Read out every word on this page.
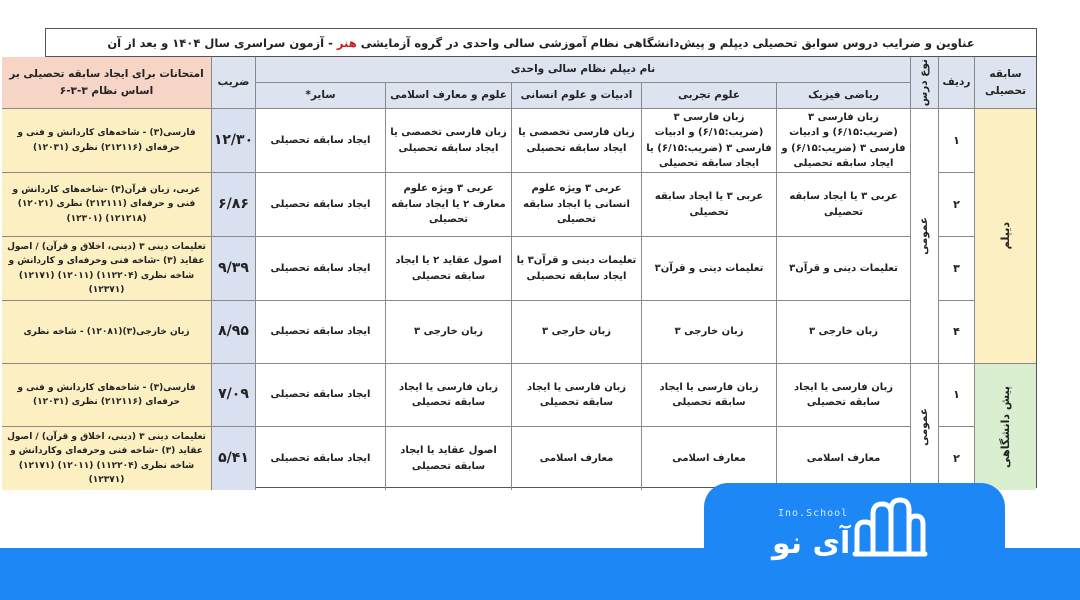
عناوین و ضرایب دروس سوابق تحصیلی دیپلم و پیش‌دانشگاهی نظام آموزشی سالی واحدی در گروه آزمایشی

هنر

- آزمون سراسری سال ۱۴۰۴ و بعد از آن
سابقه تحصیلی
ردیف
نوع درس
نام دیپلم نظام سالی واحدی
ریاضی فیزیک
علوم تجربی
ادبیات و علوم انسانی
علوم و معارف اسلامی
سایر*
ضریب
امتحانات برای ایجاد سابقه تحصیلی بر اساس نظام ۳-۳-۶
دیپلم
پیش دانشگاهی
عمومی
عمومی
۱
زبان فارسی ۳ (ضریب:۶/۱۵) و ادبیات فارسی ۳ (ضریب:۶/۱۵) و ایجاد سابقه تحصیلی
زبان فارسی ۳ (ضریب:۶/۱۵) و ادبیات فارسی ۳ (ضریب:۶/۱۵) یا ایجاد سابقه تحصیلی
زبان فارسی تخصصی یا ایجاد سابقه تحصیلی
زبان فارسی تخصصی یا ایجاد سابقه تحصیلی
ایجاد سابقه تحصیلی
۱۲/۳۰
فارسی(۳) - شاخه‌های کاردانش و فنی و حرفه‌ای (۲۱۲۱۱۶) نظری (۱۲۰۳۱)
۲
عربی ۳ یا ایجاد سابقه تحصیلی
عربی ۳ یا ایجاد سابقه تحصیلی
عربی ۳ ویژه علوم انسانی یا ایجاد سابقه تحصیلی
عربی ۳ ویژه علوم معارف ۲ یا ایجاد سابقه تحصیلی
ایجاد سابقه تحصیلی
۶/۸۶
عربی، زبان قرآن(۳) -شاخه‌های کاردانش و فنی و حرفه‌ای (۲۱۲۱۱۱) نظری (۱۲۰۲۱) (۱۲۱۲۱۸) (۱۲۳۰۱)
۳
تعلیمات دینی و قرآن۳
تعلیمات دینی و قرآن۳
تعلیمات دینی و قرآن۳ یا ایجاد سابقه تحصیلی
اصول عقاید ۲ یا ایجاد سابقه تحصیلی
ایجاد سابقه تحصیلی
۹/۳۹
تعلیمات دینی ۳ (دینی، اخلاق و قرآن) / اصول عقاید (۳) -شاخه فنی وحرفه‌ای و کاردانش و شاخه نظری (۱۱۲۲۰۴) (۱۲۰۱۱) (۱۲۱۷۱) (۱۲۳۷۱)
۴
زبان خارجی ۳
زبان خارجی ۳
زبان خارجی ۳
زبان خارجی ۳
ایجاد سابقه تحصیلی
۸/۹۵
زبان خارجی(۳)(۱۲۰۸۱) - شاخه نظری
۱
زبان فارسی یا ایجاد سابقه تحصیلی
زبان فارسی یا ایجاد سابقه تحصیلی
زبان فارسی یا ایجاد سابقه تحصیلی
زبان فارسی یا ایجاد سابقه تحصیلی
ایجاد سابقه تحصیلی
۷/۰۹
فارسی(۳) - شاخه‌های کاردانش و فنی و حرفه‌ای (۲۱۲۱۱۶) نظری (۱۲۰۳۱)
۲
معارف اسلامی
معارف اسلامی
معارف اسلامی
اصول عقاید یا ایجاد سابقه تحصیلی
ایجاد سابقه تحصیلی
۵/۴۱
تعلیمات دینی ۳ (دینی، اخلاق و قرآن) / اصول عقاید (۳) -شاخه فنی وحرفه‌ای وکاردانش و شاخه نظری (۱۱۲۲۰۴) (۱۲۰۱۱) (۱۲۱۷۱) (۱۲۳۷۱)
Ino.School
آی نو
